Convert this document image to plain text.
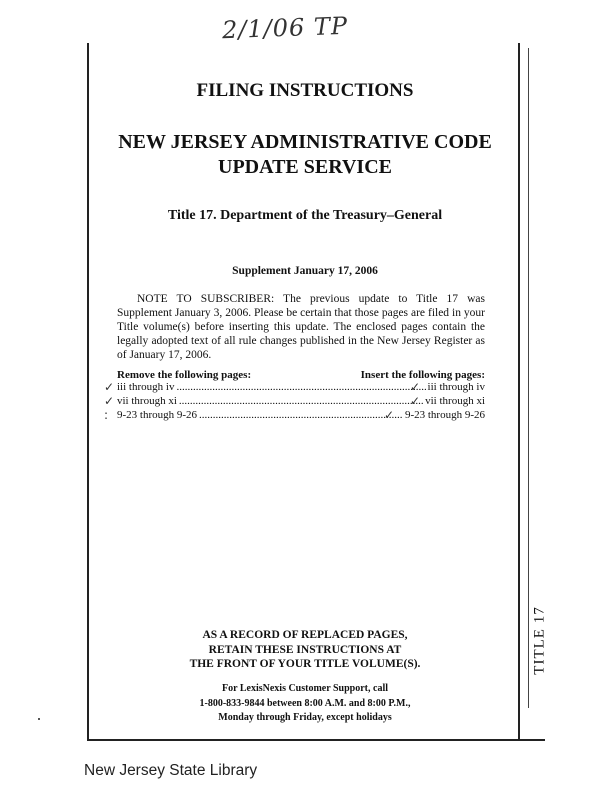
2/1/06 TP
TITLE 17
FILING INSTRUCTIONS
NEW JERSEY ADMINISTRATIVE CODE
UPDATE SERVICE
Title 17. Department of the Treasury–General
Supplement January 17, 2006
NOTE TO SUBSCRIBER: The previous update to Title 17 was Supplement January 3, 2006. Please be certain that those pages are filed in your Title volume(s) before inserting this update. The enclosed pages contain the legally adopted text of all rule changes published in the New Jersey Register as of January 17, 2006.
Remove the following pages:	Insert the following pages:
iii through iv .....	iii through iv
vii through xi .....	vii through xi
9-23 through 9-26 .....	9-23 through 9-26
✓
✓
:
✓
✓
✓
AS A RECORD OF REPLACED PAGES,
RETAIN THESE INSTRUCTIONS AT
THE FRONT OF YOUR TITLE VOLUME(S).
For LexisNexis Customer Support, call
1-800-833-9844 between 8:00 A.M. and 8:00 P.M.,
Monday through Friday, except holidays
New Jersey State Library
